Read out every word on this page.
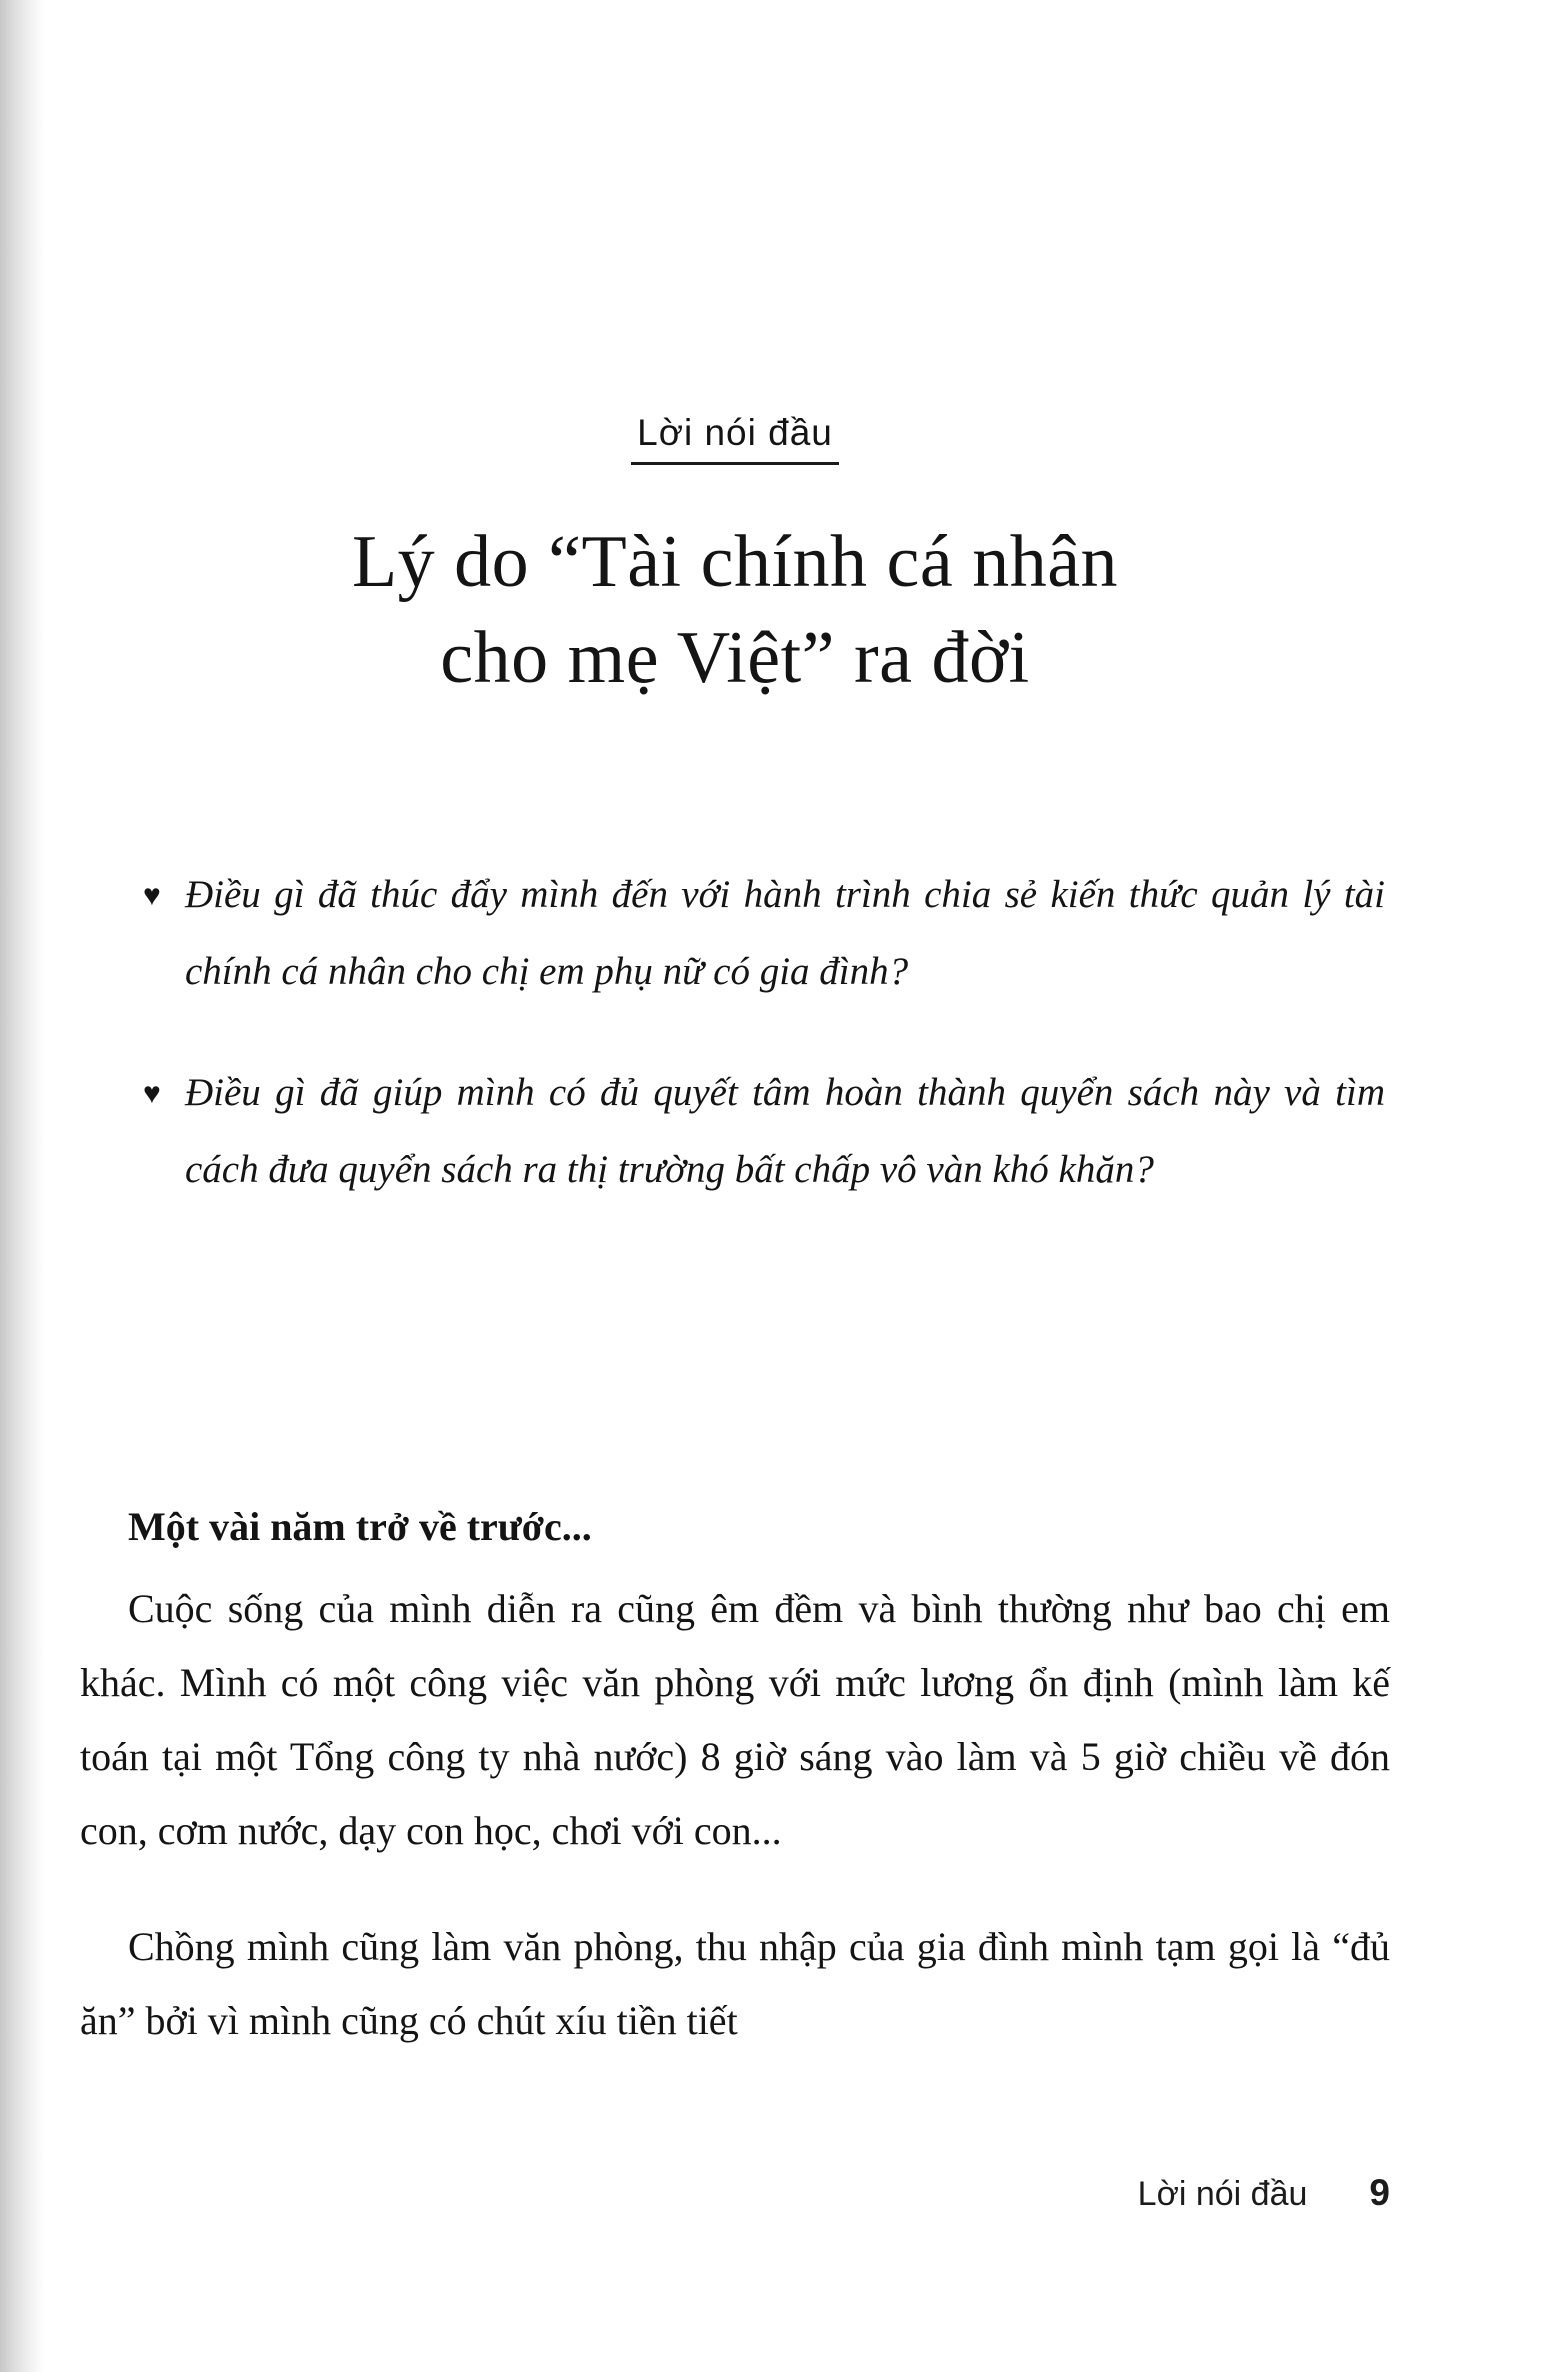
Lời nói đầu
Lý do “Tài chính cá nhân
cho mẹ Việt” ra đời
♥ Điều gì đã thúc đẩy mình đến với hành trình chia sẻ kiến thức quản lý tài chính cá nhân cho chị em phụ nữ có gia đình?
♥ Điều gì đã giúp mình có đủ quyết tâm hoàn thành quyển sách này và tìm cách đưa quyển sách ra thị trường bất chấp vô vàn khó khăn?

Một vài năm trở về trước...

Cuộc sống của mình diễn ra cũng êm đềm và bình thường như bao chị em khác. Mình có một công việc văn phòng với mức lương ổn định (mình làm kế toán tại một Tổng công ty nhà nước) 8 giờ sáng vào làm và 5 giờ chiều về đón con, cơm nước, dạy con học, chơi với con...

Chồng mình cũng làm văn phòng, thu nhập của gia đình mình tạm gọi là “đủ ăn” bởi vì mình cũng có chút xíu tiền tiết

Lời nói đầu 9
